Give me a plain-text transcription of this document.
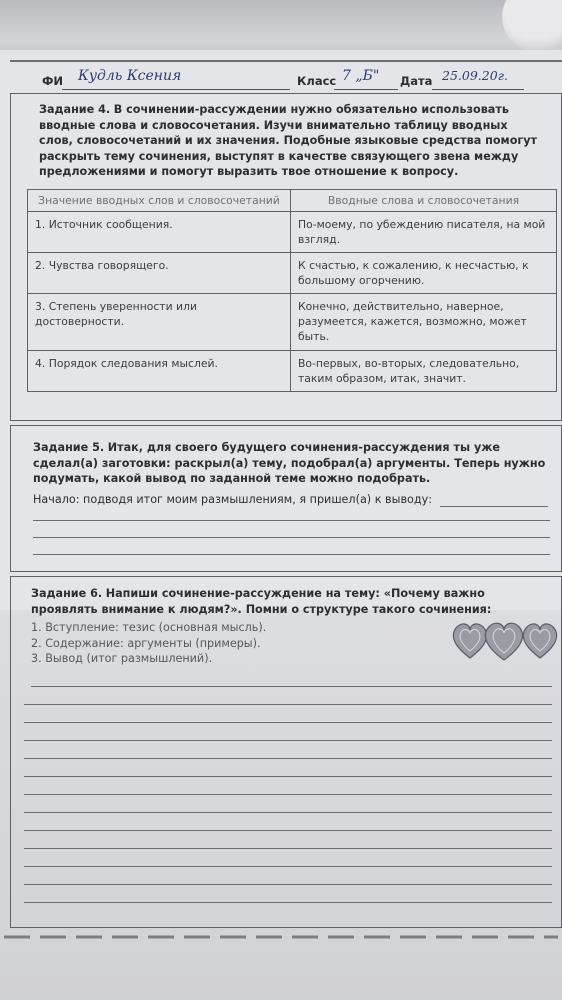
ФИ Кудль Ксения	Класс 7 „Б" Дата 25.09.20г.
Задание 4. В сочинении-рассуждении нужно обязательно использовать вводные слова и словосочетания. Изучи внимательно таблицу вводных слов, словосочетаний и их значения. Подобные языковые средства помогут раскрыть тему сочинения, выступят в качестве связующего звена между предложениями и помогут выразить твое отношение к вопросу.
Значение вводных слов и словосочетаний	Вводные слова и словосочетания
1. Источник сообщения.	По-моему, по убеждению писателя, на мой взгляд.
2. Чувства говорящего.	К счастью, к сожалению, к несчастью, к большому огорчению.
3. Степень уверенности или достоверности.	Конечно, действительно, наверное, разумеется, кажется, возможно, может быть.
4. Порядок следования мыслей.	Во-первых, во-вторых, следовательно, таким образом, итак, значит.
Задание 5. Итак, для своего будущего сочинения-рассуждения ты уже сделал(а) заготовки: раскрыл(а) тему, подобрал(а) аргументы. Теперь нужно подумать, какой вывод по заданной теме можно подобрать.
Начало: подводя итог моим размышлениям, я пришел(а) к выводу:
Задание 6. Напиши сочинение-рассуждение на тему: «Почему важно проявлять внимание к людям?». Помни о структуре такого сочинения:
1. Вступление: тезис (основная мысль).
2. Содержание: аргументы (примеры).
3. Вывод (итог размышлений).
